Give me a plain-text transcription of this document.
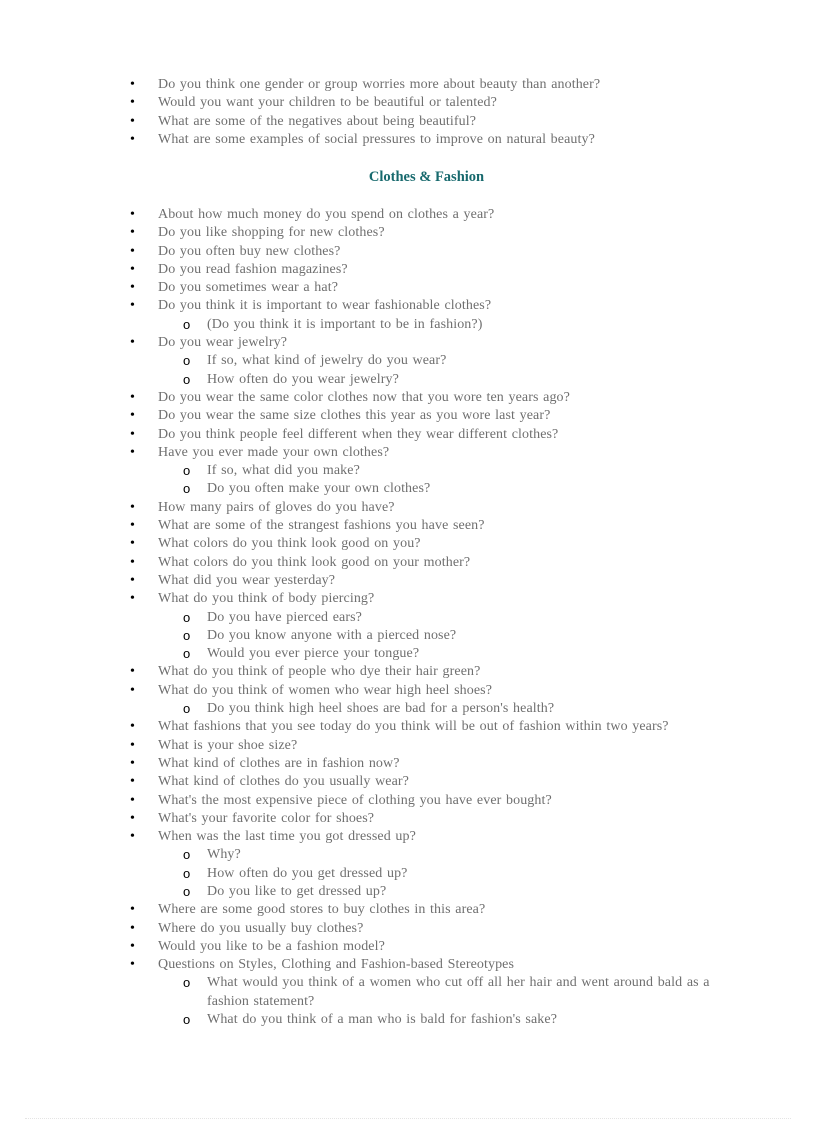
• Do you think one gender or group worries more about beauty than another?
• Would you want your children to be beautiful or talented?
• What are some of the negatives about being beautiful?
• What are some examples of social pressures to improve on natural beauty?
Clothes & Fashion
• About how much money do you spend on clothes a year?
• Do you like shopping for new clothes?
• Do you often buy new clothes?
• Do you read fashion magazines?
• Do you sometimes wear a hat?
• Do you think it is important to wear fashionable clothes?
o (Do you think it is important to be in fashion?)
• Do you wear jewelry?
o If so, what kind of jewelry do you wear?
o How often do you wear jewelry?
• Do you wear the same color clothes now that you wore ten years ago?
• Do you wear the same size clothes this year as you wore last year?
• Do you think people feel different when they wear different clothes?
• Have you ever made your own clothes?
o If so, what did you make?
o Do you often make your own clothes?
• How many pairs of gloves do you have?
• What are some of the strangest fashions you have seen?
• What colors do you think look good on you?
• What colors do you think look good on your mother?
• What did you wear yesterday?
• What do you think of body piercing?
o Do you have pierced ears?
o Do you know anyone with a pierced nose?
o Would you ever pierce your tongue?
• What do you think of people who dye their hair green?
• What do you think of women who wear high heel shoes?
o Do you think high heel shoes are bad for a person's health?
• What fashions that you see today do you think will be out of fashion within two years?
• What is your shoe size?
• What kind of clothes are in fashion now?
• What kind of clothes do you usually wear?
• What's the most expensive piece of clothing you have ever bought?
• What's your favorite color for shoes?
• When was the last time you got dressed up?
o Why?
o How often do you get dressed up?
o Do you like to get dressed up?
• Where are some good stores to buy clothes in this area?
• Where do you usually buy clothes?
• Would you like to be a fashion model?
• Questions on Styles, Clothing and Fashion-based Stereotypes
o What would you think of a women who cut off all her hair and went around bald as a fashion statement?
o What do you think of a man who is bald for fashion's sake?
